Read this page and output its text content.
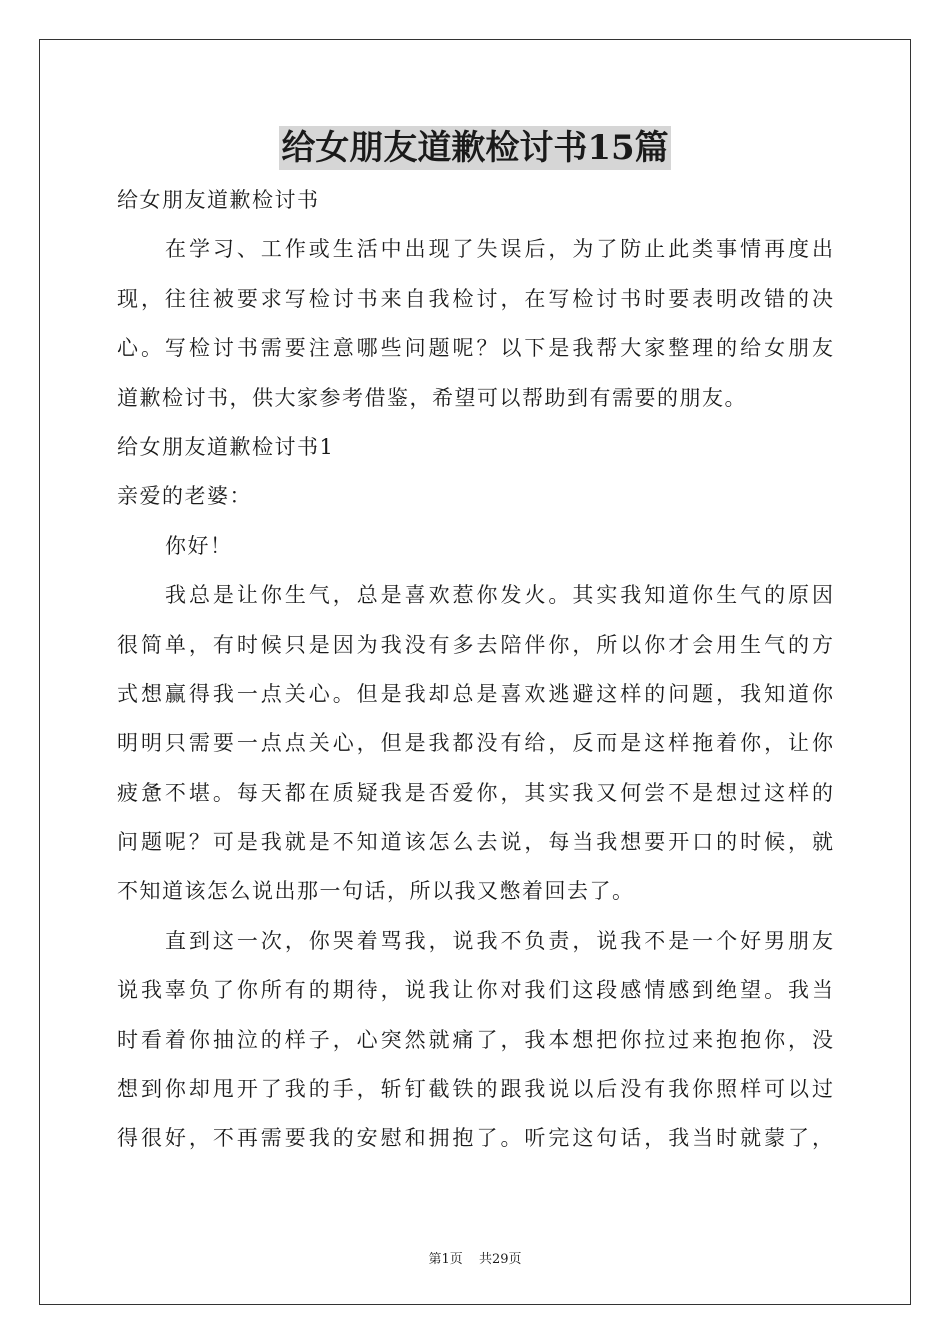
给女朋友道歉检讨书15篇
给女朋友道歉检讨书
在学习、工作或生活中出现了失误后，为了防止此类事情再度出
现，往往被要求写检讨书来自我检讨，在写检讨书时要表明改错的决
心。写检讨书需要注意哪些问题呢？以下是我帮大家整理的给女朋友
道歉检讨书，供大家参考借鉴，希望可以帮助到有需要的朋友。
给女朋友道歉检讨书1
亲爱的老婆：
你好！
我总是让你生气，总是喜欢惹你发火。其实我知道你生气的原因
很简单，有时候只是因为我没有多去陪伴你，所以你才会用生气的方
式想赢得我一点关心。但是我却总是喜欢逃避这样的问题，我知道你
明明只需要一点点关心，但是我都没有给，反而是这样拖着你，让你
疲惫不堪。每天都在质疑我是否爱你，其实我又何尝不是想过这样的
问题呢？可是我就是不知道该怎么去说，每当我想要开口的时候，就
不知道该怎么说出那一句话，所以我又憋着回去了。
直到这一次，你哭着骂我，说我不负责，说我不是一个好男朋友
说我辜负了你所有的期待，说我让你对我们这段感情感到绝望。我当
时看着你抽泣的样子，心突然就痛了，我本想把你拉过来抱抱你，没
想到你却甩开了我的手，斩钉截铁的跟我说以后没有我你照样可以过
得很好，不再需要我的安慰和拥抱了。听完这句话，我当时就蒙了，
第1页 共29页
